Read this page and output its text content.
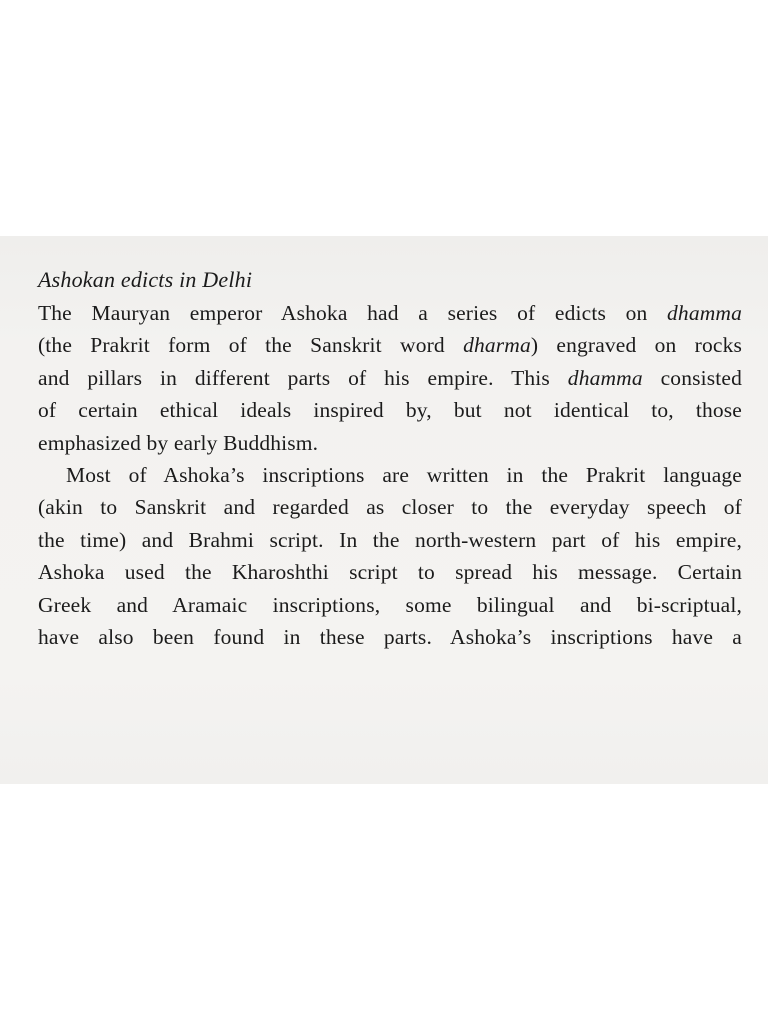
Ashokan edicts in Delhi

The Mauryan emperor Ashoka had a series of edicts on dhamma
(the Prakrit form of the Sanskrit word dharma) engraved on rocks
and pillars in different parts of his empire. This dhamma consisted
of certain ethical ideals inspired by, but not identical to, those
emphasized by early Buddhism.

Most of Ashoka’s inscriptions are written in the Prakrit language
(akin to Sanskrit and regarded as closer to the everyday speech of
the time) and Brahmi script. In the north-western part of his empire,
Ashoka used the Kharoshthi script to spread his message. Certain
Greek and Aramaic inscriptions, some bilingual and bi-scriptual,
have also been found in these parts. Ashoka’s inscriptions have a
